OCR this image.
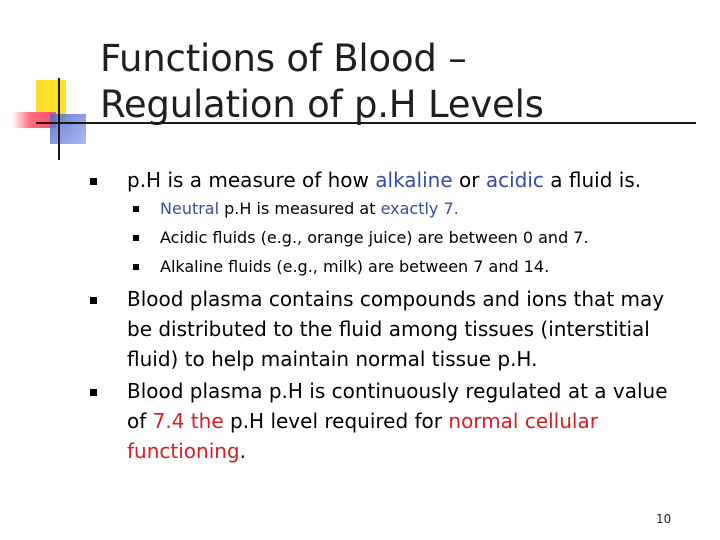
Functions of Blood –
Regulation of p.H Levels
p.H is a measure of how alkaline or acidic a fluid is.
Neutral p.H is measured at exactly 7.
Acidic fluids (e.g., orange juice) are between 0 and 7.
Alkaline fluids (e.g., milk) are between 7 and 14.
Blood plasma contains compounds and ions that may
be distributed to the fluid among tissues (interstitial
fluid) to help maintain normal tissue p.H.
Blood plasma p.H is continuously regulated at a value
of 7.4 the p.H level required for normal cellular
functioning.
10
